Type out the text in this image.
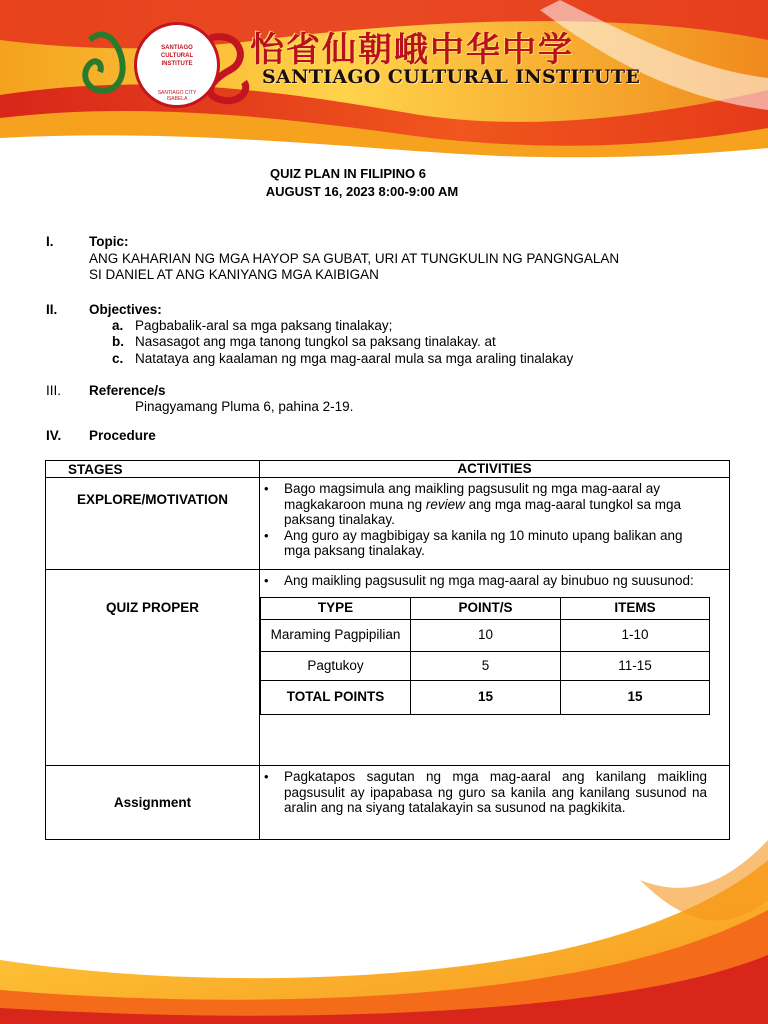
SANTIAGO CULTURAL INSTITUTE
SANTIAGO CITY ISABELA
怡省仙朝峨中华中学
SANTIAGO CULTURAL INSTITUTE
QUIZ PLAN IN FILIPINO 6
AUGUST 16, 2023 8:00-9:00 AM
I.	Topic:
ANG KAHARIAN NG MGA HAYOP SA GUBAT, URI AT TUNGKULIN NG PANGNGALAN
SI DANIEL AT ANG KANIYANG MGA KAIBIGAN
II. Objectives:
a. Pagbabalik-aral sa mga paksang tinalakay;
b. Nasasagot ang mga tanong tungkol sa paksang tinalakay. at
c. Natataya ang kaalaman ng mga mag-aaral mula sa mga araling tinalakay
III. Reference/s
Pinagyamang Pluma 6, pahina 2-19.
IV. Procedure
STAGES	ACTIVITIES
EXPLORE/MOTIVATION	
• Bago magsimula ang maikling pagsusulit ng mga mag-aaral ay magkakaroon muna ng review ang mga mag-aaral tungkol sa mga paksang tinalakay.
• Ang guro ay magbibigay sa kanila ng 10 minuto upang balikan ang mga paksang tinalakay.

QUIZ PROPER	
• Ang maikling pagsusulit ng mga mag-aaral ay binubuo ng suusunod:
TYPE	POINT/S	ITEMS
Maraming Pagpipilian	10	1-10
Pagtukoy	5	11-15
TOTAL POINTS	15	15

Assignment	
• Pagkatapos sagutan ng mga mag-aaral ang kanilang maikling pagsusulit ay ipapabasa ng guro sa kanila ang kanilang susunod na aralin ang na siyang tatalakayin sa susunod na pagkikita.
